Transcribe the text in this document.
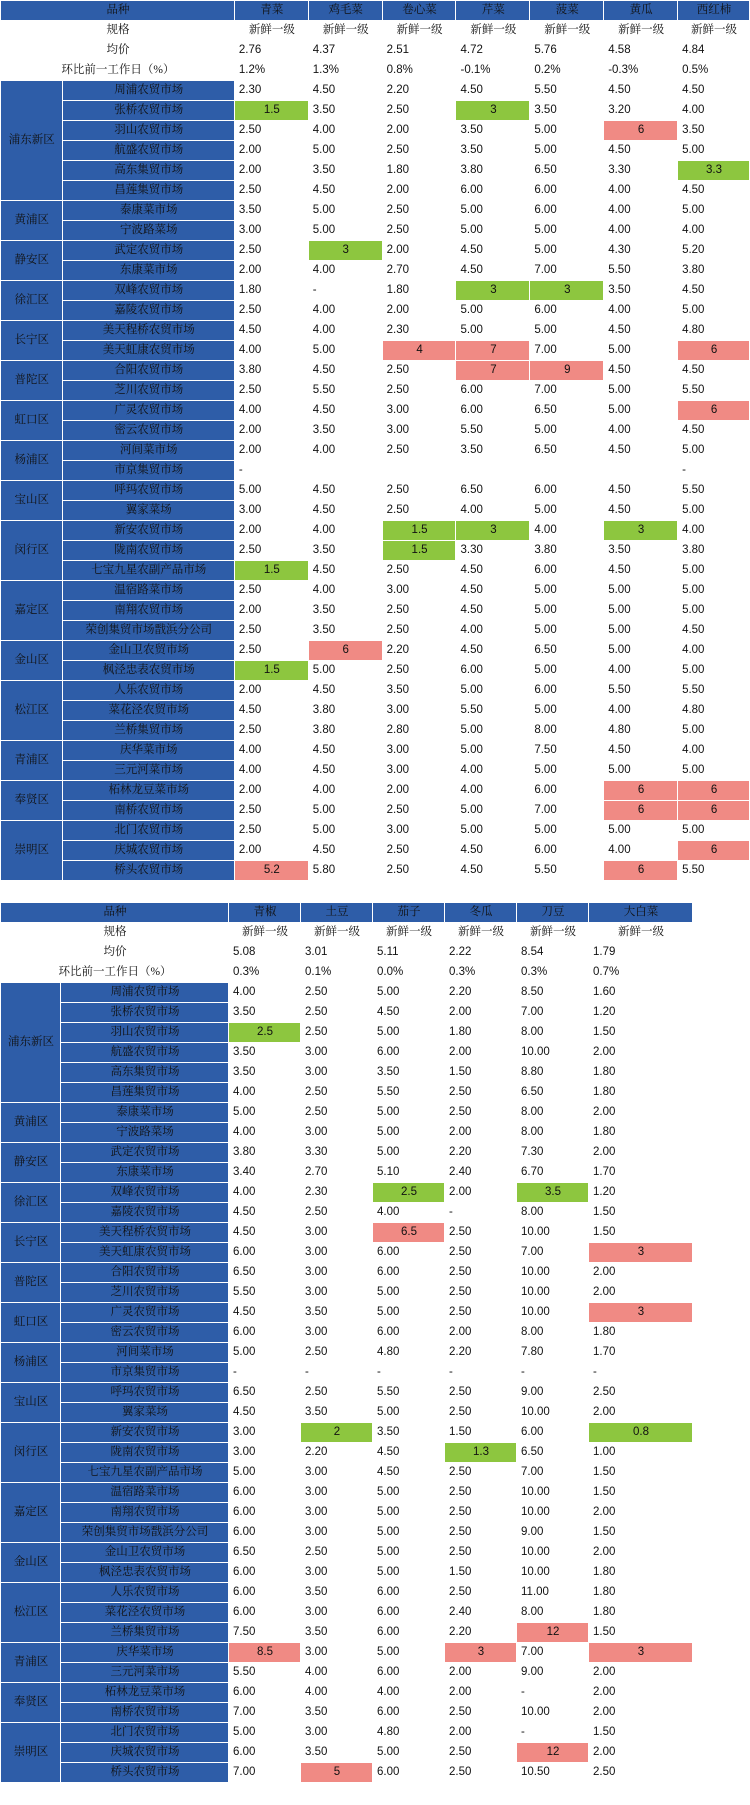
品种		青菜	鸡毛菜	卷心菜	芹菜	菠菜	黄瓜	西红柿
规格		新鲜一级	新鲜一级	新鲜一级	新鲜一级	新鲜一级	新鲜一级	新鲜一级
均价		2.76	4.37	2.51	4.72	5.76	4.58	4.84
环比前一工作日（%）		1.2%	1.3%	0.8%	-0.1%	0.2%	-0.3%	0.5%
浦东新区	周浦农贸市场	2.30	4.50	2.20	4.50	5.50	4.50	4.50
	张桥农贸市场	1.5	3.50	2.50	3	3.50	3.20	4.00
	羽山农贸市场	2.50	4.00	2.00	3.50	5.00	6	3.50
	航盛农贸市场	2.00	5.00	2.50	3.50	5.00	4.50	5.00
	高东集贸市场	2.00	3.50	1.80	3.80	6.50	3.30	3.3
	昌莲集贸市场	2.50	4.50	2.00	6.00	6.00	4.00	4.50
黄浦区	泰康菜市场	3.50	5.00	2.50	5.00	6.00	4.00	5.00
	宁波路菜场	3.00	5.00	2.50	5.00	5.00	4.00	4.00
静安区	武定农贸市场	2.50	3	2.00	4.50	5.00	4.30	5.20
	东康菜市场	2.00	4.00	2.70	4.50	7.00	5.50	3.80
徐汇区	双峰农贸市场	1.80	-	1.80	3	3	3.50	4.50
	嘉陵农贸市场	2.50	4.00	2.00	5.00	6.00	4.00	5.00
长宁区	美天程桥农贸市场	4.50	4.00	2.30	5.00	5.00	4.50	4.80
	美天虹康农贸市场	4.00	5.00	4	7	7.00	5.00	6
普陀区	合阳农贸市场	3.80	4.50	2.50	7	9	4.50	4.50
	芝川农贸市场	2.50	5.50	2.50	6.00	7.00	5.00	5.50
虹口区	广灵农贸市场	4.00	4.50	3.00	6.00	6.50	5.00	6
	密云农贸市场	2.00	3.50	3.00	5.50	5.00	4.00	4.50
杨浦区	河间菜市场	2.00	4.00	2.50	3.50	6.50	4.50	5.00
	市京集贸市场	-						-
宝山区	呼玛农贸市场	5.00	4.50	2.50	6.50	6.00	4.50	5.50
	翼家菜场	3.00	4.50	2.50	4.00	5.00	4.50	5.00
闵行区	新安农贸市场	2.00	4.00	1.5	3	4.00	3	4.00
	陇南农贸市场	2.50	3.50	1.5	3.30	3.80	3.50	3.80
	七宝九星农副产品市场	1.5	4.50	2.50	4.50	6.00	4.50	5.00
嘉定区	温宿路菜市场	2.50	4.00	3.00	4.50	5.00	5.00	5.00
	南翔农贸市场	2.00	3.50	2.50	4.50	5.00	5.00	5.00
	荣创集贸市场戬浜分公司	2.50	3.50	2.50	4.00	5.00	5.00	4.50
金山区	金山卫农贸市场	2.50	6	2.20	4.50	6.50	5.00	4.00
	枫泾忠表农贸市场	1.5	5.00	2.50	6.00	5.00	4.00	5.00
松江区	人乐农贸市场	2.00	4.50	3.50	5.00	6.00	5.50	5.50
	菜花泾农贸市场	4.50	3.80	3.00	5.50	5.00	4.00	4.80
	兰桥集贸市场	2.50	3.80	2.80	5.00	8.00	4.80	5.00
青浦区	庆华菜市场	4.00	4.50	3.00	5.00	7.50	4.50	4.00
	三元河菜市场	4.00	4.50	3.00	4.00	5.00	5.00	5.00
奉贤区	柘林龙豆菜市场	2.00	4.00	2.00	4.00	6.00	6	6
	南桥农贸市场	2.50	5.00	2.50	5.00	7.00	6	6
崇明区	北门农贸市场	2.50	5.00	3.00	5.00	5.00	5.00	5.00
	庆城农贸市场	2.00	4.50	2.50	4.50	6.00	4.00	6
	桥头农贸市场	5.2	5.80	2.50	4.50	5.50	6	5.50
品种		青椒	土豆	茄子	冬瓜	刀豆	大白菜
规格		新鲜一级	新鲜一级	新鲜一级	新鲜一级	新鲜一级	新鲜一级
均价		5.08	3.01	5.11	2.22	8.54	1.79
环比前一工作日（%）		0.3%	0.1%	0.0%	0.3%	0.3%	0.7%
浦东新区	周浦农贸市场	4.00	2.50	5.00	2.20	8.50	1.60
	张桥农贸市场	3.50	2.50	4.50	2.00	7.00	1.20
	羽山农贸市场	2.5	2.50	5.00	1.80	8.00	1.50
	航盛农贸市场	3.50	3.00	6.00	2.00	10.00	2.00
	高东集贸市场	3.50	3.00	3.50	1.50	8.80	1.80
	昌莲集贸市场	4.00	2.50	5.50	2.50	6.50	1.80
黄浦区	泰康菜市场	5.00	2.50	5.00	2.50	8.00	2.00
	宁波路菜场	4.00	3.00	5.00	2.00	8.00	1.80
静安区	武定农贸市场	3.80	3.30	5.00	2.20	7.30	2.00
	东康菜市场	3.40	2.70	5.10	2.40	6.70	1.70
徐汇区	双峰农贸市场	4.00	2.30	2.5	2.00	3.5	1.20
	嘉陵农贸市场	4.50	2.50	4.00	-	8.00	1.50
长宁区	美天程桥农贸市场	4.50	3.00	6.5	2.50	10.00	1.50
	美天虹康农贸市场	6.00	3.00	6.00	2.50	7.00	3
普陀区	合阳农贸市场	6.50	3.00	6.00	2.50	10.00	2.00
	芝川农贸市场	5.50	3.00	5.00	2.50	10.00	2.00
虹口区	广灵农贸市场	4.50	3.50	5.00	2.50	10.00	3
	密云农贸市场	6.00	3.00	6.00	2.00	8.00	1.80
杨浦区	河间菜市场	5.00	2.50	4.80	2.20	7.80	1.70
	市京集贸市场	-	-	-	-	-	-
宝山区	呼玛农贸市场	6.50	2.50	5.50	2.50	9.00	2.50
	翼家菜场	4.50	3.50	5.00	2.50	10.00	2.00
闵行区	新安农贸市场	3.00	2	3.50	1.50	6.00	0.8
	陇南农贸市场	3.00	2.20	4.50	1.3	6.50	1.00
	七宝九星农副产品市场	5.00	3.00	4.50	2.50	7.00	1.50
嘉定区	温宿路菜市场	6.00	3.00	5.00	2.50	10.00	1.50
	南翔农贸市场	6.00	3.00	5.00	2.50	10.00	2.00
	荣创集贸市场戬浜分公司	6.00	3.00	5.00	2.50	9.00	1.50
金山区	金山卫农贸市场	6.50	2.50	5.00	2.50	10.00	2.00
	枫泾忠表农贸市场	6.00	3.00	5.00	1.50	10.00	1.80
松江区	人乐农贸市场	6.00	3.50	6.00	2.50	11.00	1.80
	菜花泾农贸市场	6.00	3.00	6.00	2.40	8.00	1.80
	兰桥集贸市场	7.50	3.50	6.00	2.20	12	1.50
青浦区	庆华菜市场	8.5	3.00	5.00	3	7.00	3
	三元河菜市场	5.50	4.00	6.00	2.00	9.00	2.00
奉贤区	柘林龙豆菜市场	6.00	4.00	4.00	2.00	-	2.00
	南桥农贸市场	7.00	3.50	6.00	2.50	10.00	2.00
崇明区	北门农贸市场	5.00	3.00	4.80	2.00	-	1.50
	庆城农贸市场	6.00	3.50	5.00	2.50	12	2.00
	桥头农贸市场	7.00	5	6.00	2.50	10.50	2.50
